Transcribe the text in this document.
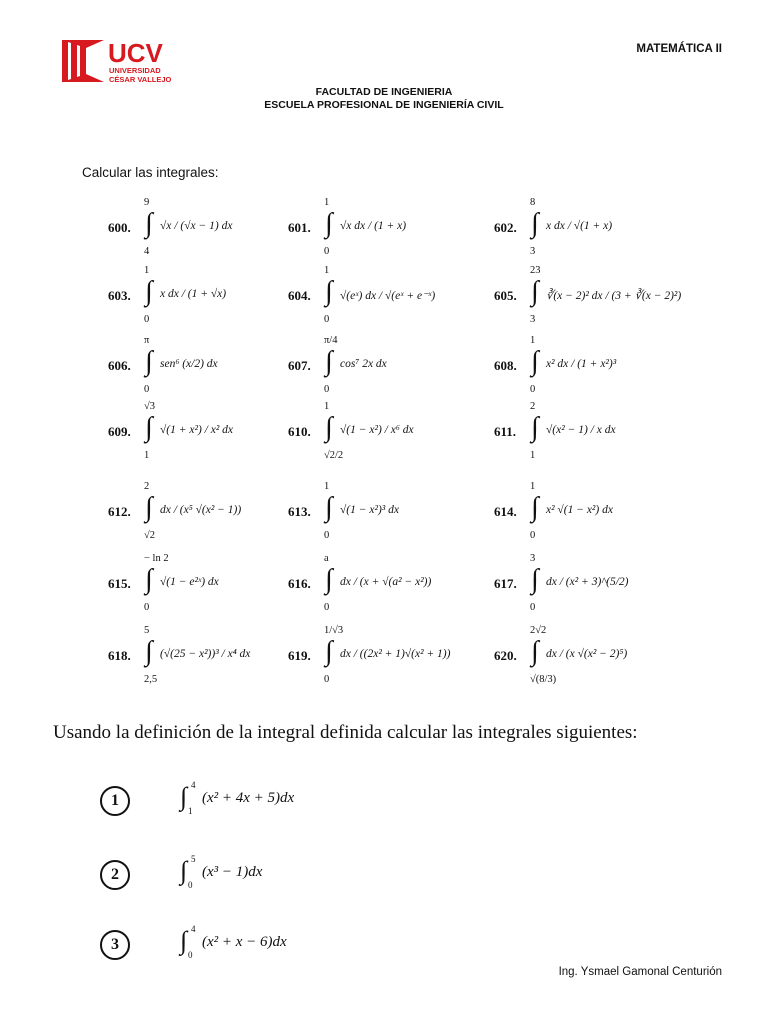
UCV
UNIVERSIDAD
CÉSAR VALLEJO
MATEMÁTICA II
FACULTAD DE INGENIERIA
ESCUELA PROFESIONAL DE INGENIERÍA CIVIL
Calcular las integrales:
600.
9
∫
4
√x / (√x − 1) dx	601.
1
∫
0
√x dx / (1 + x)	602.
8
∫
3
x dx / √(1 + x)
603.
1
∫
0
x dx / (1 + √x)	604.
1
∫
0
√(eˣ) dx / √(eˣ + e⁻ˣ)	605.
23
∫
3
∛(x − 2)² dx / (3 + ∛(x − 2)²)
606.
π
∫
0
sen⁶ (x/2) dx	607.
π/4
∫
0
cos⁷ 2x dx	608.
1
∫
0
x² dx / (1 + x²)³
609.
√3
∫
1
√(1 + x²) / x² dx	610.
1
∫
√2/2
√(1 − x²) / x⁶ dx	611.
2
∫
1
√(x² − 1) / x dx
612.
2
∫
√2
dx / (x⁵ √(x² − 1))	613.
1
∫
0
√(1 − x²)³ dx	614.
1
∫
0
x² √(1 − x²) dx
615.
− ln 2
∫
0
√(1 − e²ˣ) dx	616.
a
∫
0
dx / (x + √(a² − x²))	617.
3
∫
0
dx / (x² + 3)^(5/2)
618.
5
∫
2,5
(√(25 − x²))³ / x⁴ dx	619.
1/√3
∫
0
dx / ((2x² + 1)√(x² + 1))	620.
2√2
∫
√(8/3)
dx / (x √(x² − 2)⁵)
Usando la definición de la integral definida calcular las integrales siguientes:
1
4
∫ 1
(x² + 4x + 5)dx
2
5
∫ 0
(x³ − 1)dx
3
4
∫ 0
(x² + x − 6)dx
Ing. Ysmael Gamonal Centurión
